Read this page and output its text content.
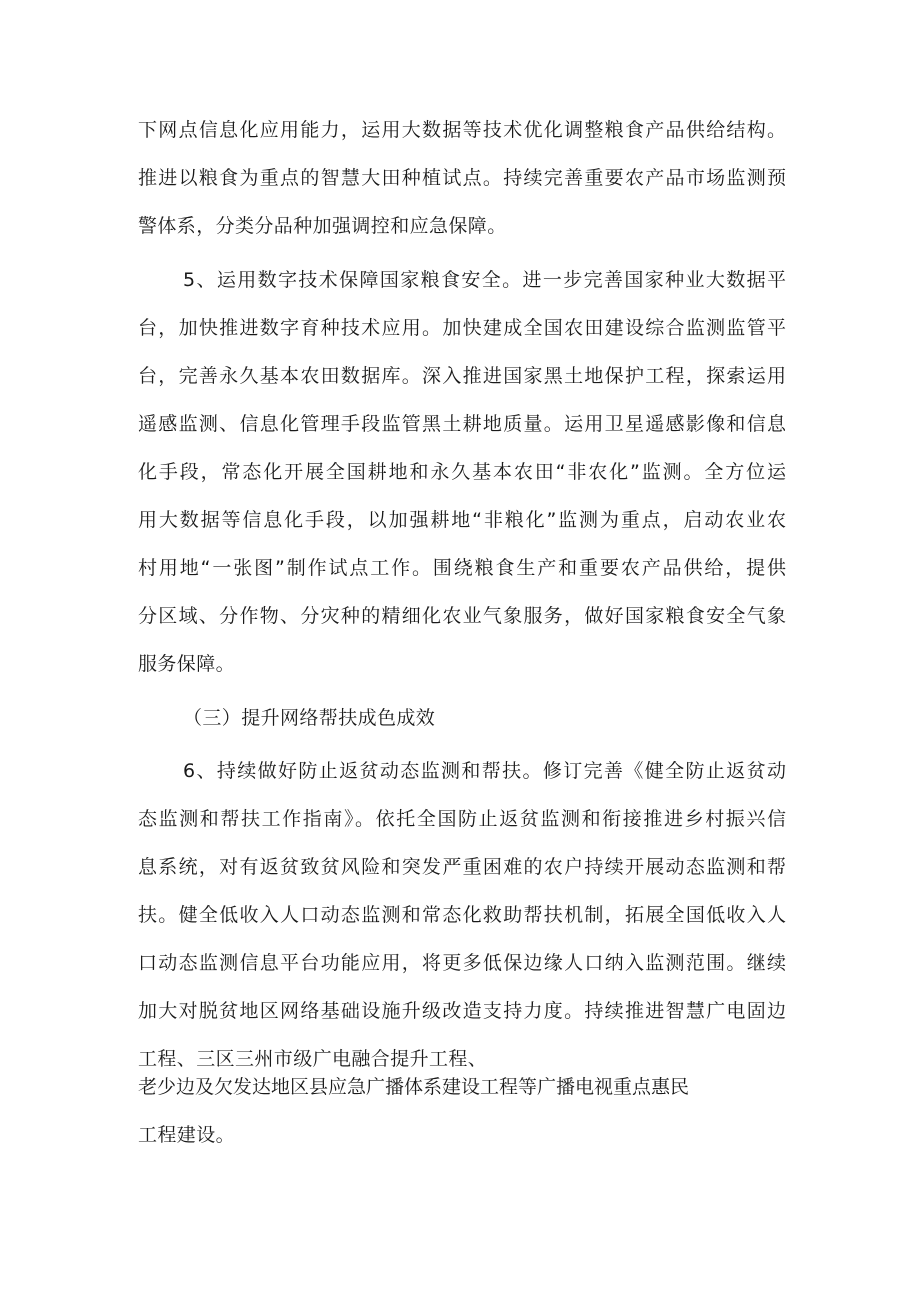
下网点信息化应用能力，运用大数据等技术优化调整粮食产品供给结构。
推进以粮食为重点的智慧大田种植试点。持续完善重要农产品市场监测预
警体系，分类分品种加强调控和应急保障。
5、运用数字技术保障国家粮食安全。进一步完善国家种业大数据平
台，加快推进数字育种技术应用。加快建成全国农田建设综合监测监管平
台，完善永久基本农田数据库。深入推进国家黑土地保护工程，探索运用
遥感监测、信息化管理手段监管黑土耕地质量。运用卫星遥感影像和信息
化手段，常态化开展全国耕地和永久基本农田“非农化”监测。全方位运
用大数据等信息化手段，以加强耕地“非粮化”监测为重点，启动农业农
村用地“一张图”制作试点工作。围绕粮食生产和重要农产品供给，提供
分区域、分作物、分灾种的精细化农业气象服务，做好国家粮食安全气象
服务保障。
（三）提升网络帮扶成色成效
6、持续做好防止返贫动态监测和帮扶。修订完善《健全防止返贫动
态监测和帮扶工作指南》。依托全国防止返贫监测和衔接推进乡村振兴信
息系统，对有返贫致贫风险和突发严重困难的农户持续开展动态监测和帮
扶。健全低收入人口动态监测和常态化救助帮扶机制，拓展全国低收入人
口动态监测信息平台功能应用，将更多低保边缘人口纳入监测范围。继续
加大对脱贫地区网络基础设施升级改造支持力度。持续推进智慧广电固边
工程、三区三州市级广电融合提升工程、
老少边及欠发达地区县应急广播体系建设工程等广播电视重点惠民
工程建设。
